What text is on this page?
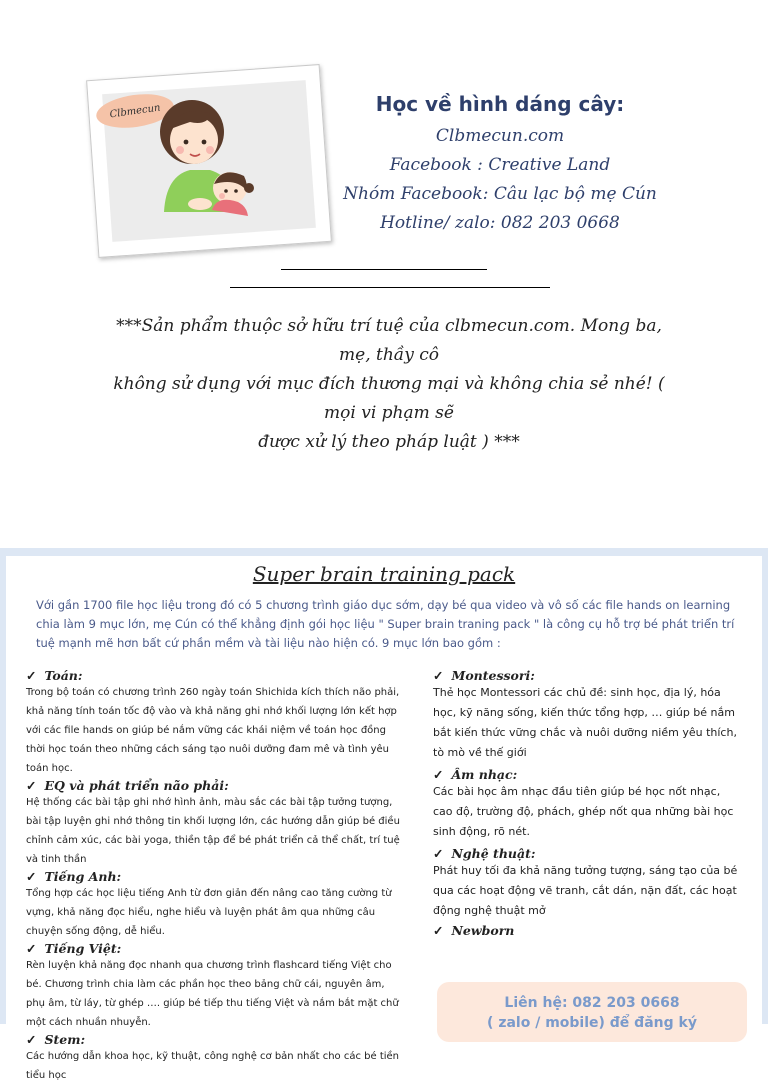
Clbmecun	Học về hình dáng cây:
Clbmecun.com
Facebook : Creative Land
Nhóm Facebook: Câu lạc bộ mẹ Cún
Hotline/ zalo: 082 203 0668
***Sản phẩm thuộc sở hữu trí tuệ của clbmecun.com. Mong ba, mẹ, thầy cô
không sử dụng với mục đích thương mại và không chia sẻ nhé! ( mọi vi phạm sẽ
được xử lý theo pháp luật ) ***
Super brain training pack
Với gần 1700 file học liệu trong đó có 5 chương trình giáo dục sớm, dạy bé qua video và vô số các file hands on learning chia làm 9 mục lớn, mẹ Cún có thể khẳng định gói học liệu " Super brain traning pack " là công cụ hỗ trợ bé phát triển trí tuệ mạnh mẽ hơn bất cứ phần mềm và tài liệu nào hiện có. 9 mục lớn bao gồm :
✓ Toán:
Trong bộ toán có chương trình 260 ngày toán Shichida kích thích não phải, khả năng tính toán tốc độ vào và khả năng ghi nhớ khối lượng lớn kết hợp với các file hands on giúp bé nắm vững các khái niệm về toán học đồng thời học toán theo những cách sáng tạo nuôi dưỡng đam mê và tình yêu toán học.
✓ EQ và phát triển não phải:
Hệ thống các bài tập ghi nhớ hình ảnh, màu sắc các bài tập tưởng tượng, bài tập luyện ghi nhớ thông tin khối lượng lớn, các hướng dẫn giúp bé điều chỉnh cảm xúc, các bài yoga, thiền tập để bé phát triển cả thể chất, trí tuệ và tinh thần
✓ Tiếng Anh:
Tổng hợp các học liệu tiếng Anh từ đơn giản đến nâng cao tăng cường từ vựng, khả năng đọc hiểu, nghe hiểu và luyện phát âm qua những câu chuyện sống động, dễ hiểu.
✓ Tiếng Việt:
Rèn luyện khả năng đọc nhanh qua chương trình flashcard tiếng Việt cho bé. Chương trình chia làm các phần học theo bảng chữ cái, nguyên âm, phụ âm, từ láy, từ ghép …. giúp bé tiếp thu tiếng Việt và nắm bắt mặt chữ một cách nhuần nhuyễn.
✓ Stem:
Các hướng dẫn khoa học, kỹ thuật, công nghệ cơ bản nhất cho các bé tiền tiểu học
✓ Montessori:
Thẻ học Montessori các chủ đề: sinh học, địa lý, hóa học, kỹ năng sống, kiến thức tổng hợp, … giúp bé nắm bắt kiến thức vững chắc và nuôi dưỡng niềm yêu thích, tò mò về thế giới
✓ Âm nhạc:
Các bài học âm nhạc đầu tiên giúp bé học nốt nhạc, cao độ, trường độ, phách, ghép nốt qua những bài học sinh động, rõ nét.
✓ Nghệ thuật:
Phát huy tối đa khả năng tưởng tượng, sáng tạo của bé qua các hoạt động vẽ tranh, cắt dán, nặn đất, các hoạt động nghệ thuật mở
✓ Newborn
Liên hệ: 082 203 0668
( zalo / mobile) để đăng ký
